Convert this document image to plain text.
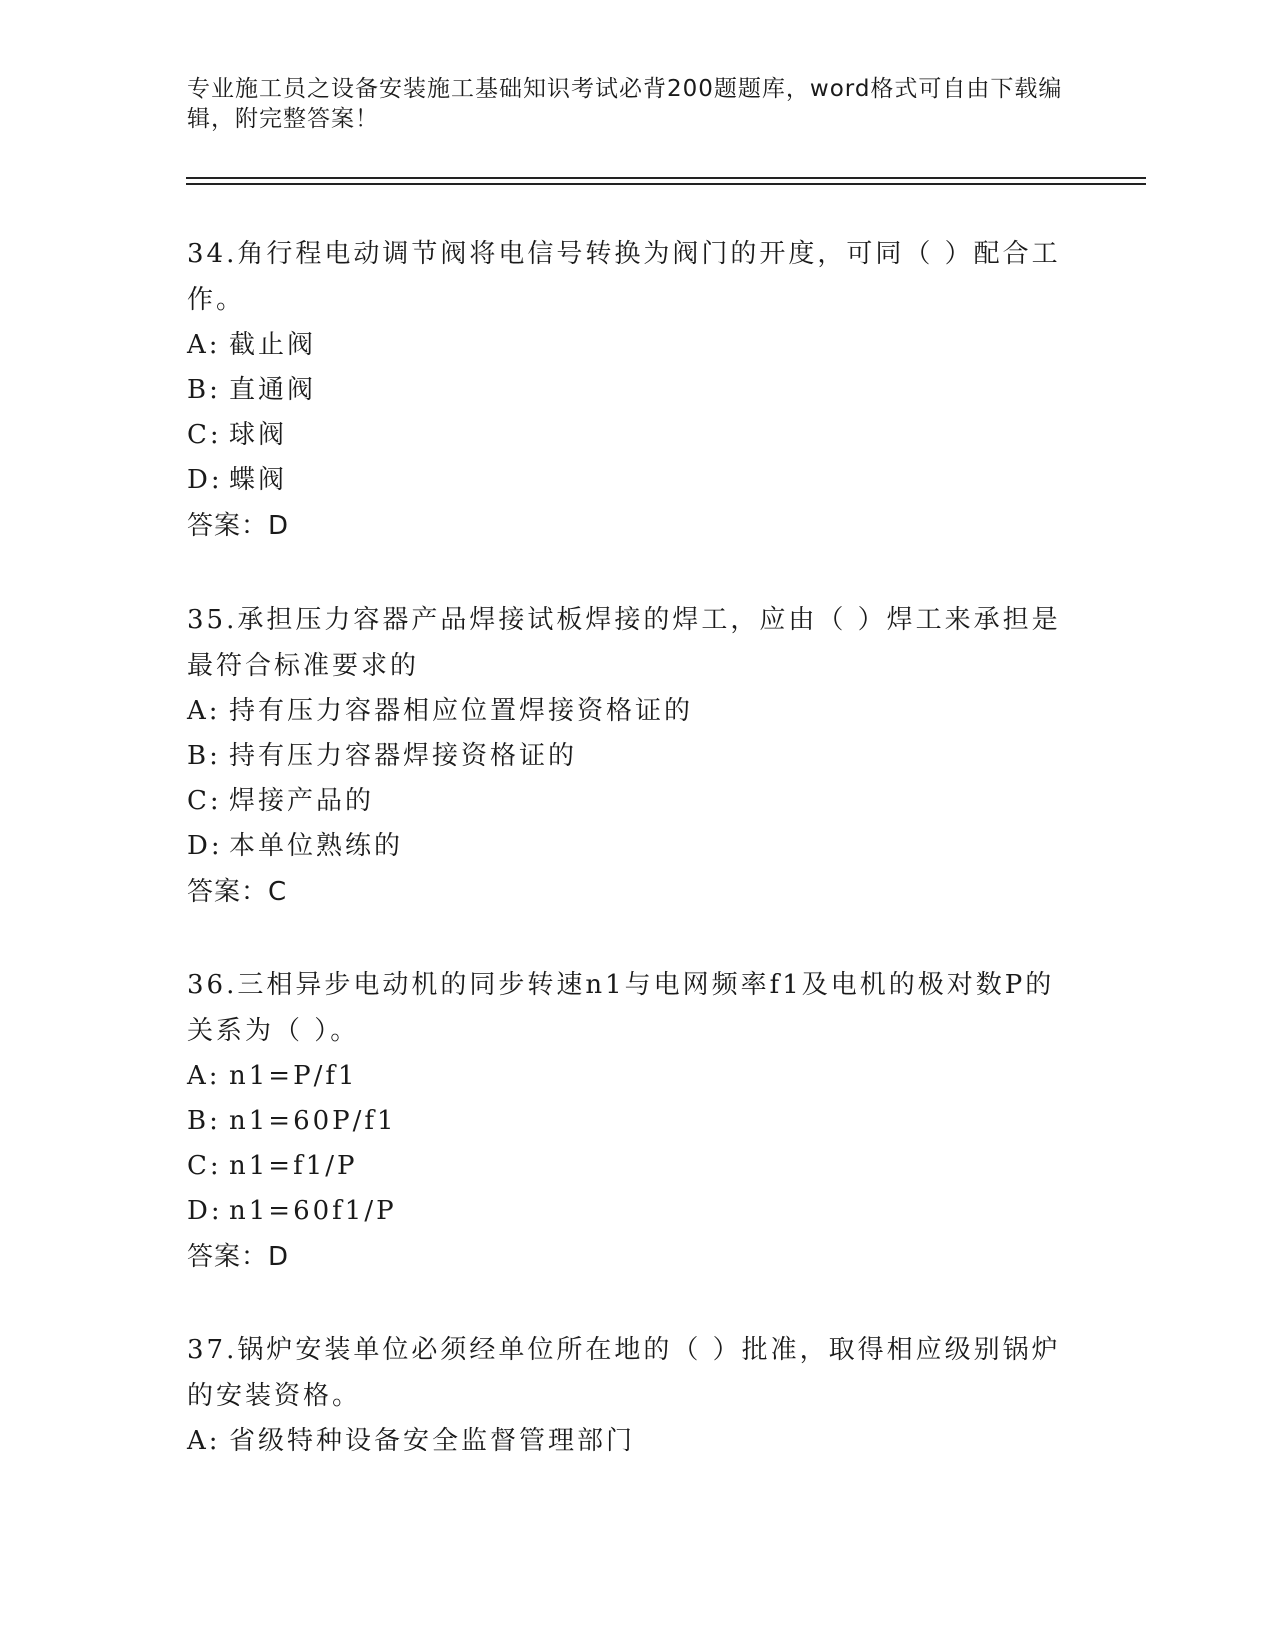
专业施工员之设备安装施工基础知识考试必背200题题库，word格式可自由下载编辑，附完整答案！

34.角行程电动调节阀将电信号转换为阀门的开度，可同（ ）配合工作。

A: 截止阀

B: 直通阀

C: 球阀

D: 蝶阀

答案：D

35.承担压力容器产品焊接试板焊接的焊工，应由（ ）焊工来承担是最符合标准要求的

A: 持有压力容器相应位置焊接资格证的

B: 持有压力容器焊接资格证的

C: 焊接产品的

D: 本单位熟练的

答案：C

36.三相异步电动机的同步转速n1与电网频率f1及电机的极对数P的关系为（ ）。

A: n1=P/f1

B: n1=60P/f1

C: n1=f1/P

D: n1=60f1/P

答案：D

37.锅炉安装单位必须经单位所在地的（ ）批准，取得相应级别锅炉的安装资格。

A: 省级特种设备安全监督管理部门
